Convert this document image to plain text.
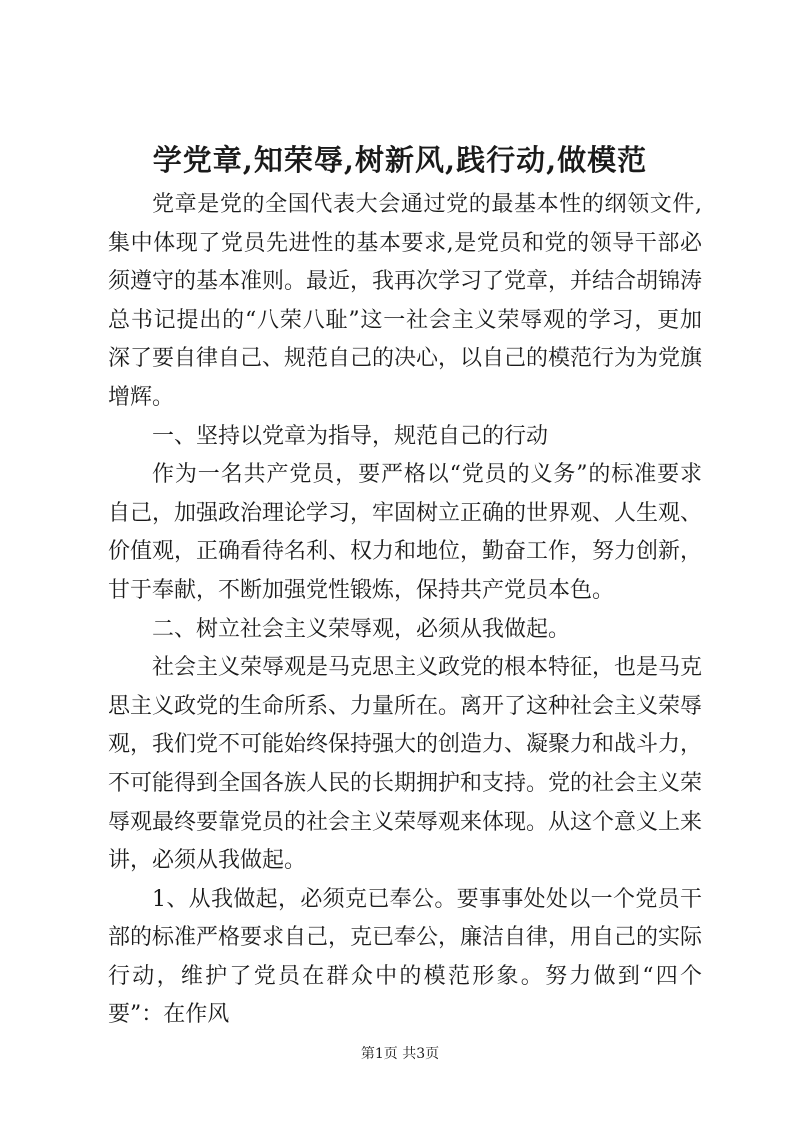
学党章,知荣辱,树新风,践行动,做模范

党章是党的全国代表大会通过党的最基本性的纲领文件,集中体现了党员先进性的基本要求,是党员和党的领导干部必须遵守的基本准则。最近，我再次学习了党章，并结合胡锦涛总书记提出的“八荣八耻”这一社会主义荣辱观的学习，更加深了要自律自己、规范自己的决心，以自己的模范行为为党旗增辉。

一、坚持以党章为指导，规范自己的行动

作为一名共产党员，要严格以“党员的义务”的标准要求自己，加强政治理论学习，牢固树立正确的世界观、人生观、价值观，正确看待名利、权力和地位，勤奋工作，努力创新，甘于奉献，不断加强党性锻炼，保持共产党员本色。

二、树立社会主义荣辱观，必须从我做起。

社会主义荣辱观是马克思主义政党的根本特征，也是马克思主义政党的生命所系、力量所在。离开了这种社会主义荣辱观，我们党不可能始终保持强大的创造力、凝聚力和战斗力，不可能得到全国各族人民的长期拥护和支持。党的社会主义荣辱观最终要靠党员的社会主义荣辱观来体现。从这个意义上来讲，必须从我做起。

1、从我做起，必须克已奉公。要事事处处以一个党员干部的标准严格要求自己，克已奉公，廉洁自律，用自己的实际行动，维护了党员在群众中的模范形象。努力做到“四个要”：在作风

第1页 共3页
